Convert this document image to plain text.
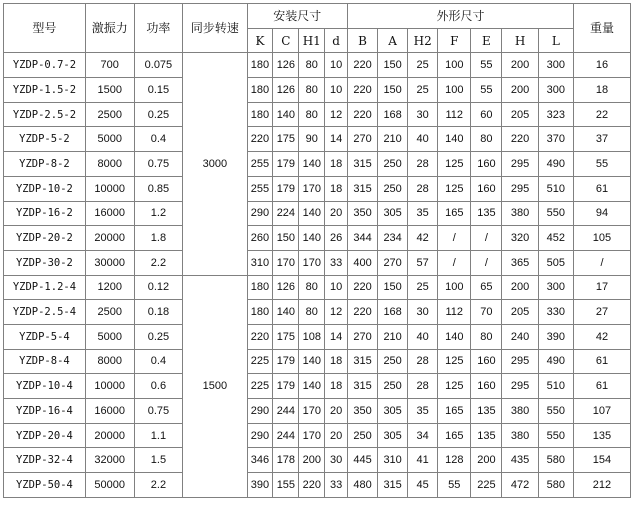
型号	激振力	功率	同步转速	安装尺寸				外形尺寸							重量
				K	C	H1	d	B	A	H2	F	E	H	L	
YZDP-0.7-2	700	0.075	3000	180	126	80	10	220	150	25	100	55	200	300	16
YZDP-1.5-2	1500	0.15		180	126	80	10	220	150	25	100	55	200	300	18
YZDP-2.5-2	2500	0.25		180	140	80	12	220	168	30	112	60	205	323	22
YZDP-5-2	5000	0.4		220	175	90	14	270	210	40	140	80	220	370	37
YZDP-8-2	8000	0.75		255	179	140	18	315	250	28	125	160	295	490	55
YZDP-10-2	10000	0.85		255	179	170	18	315	250	28	125	160	295	510	61
YZDP-16-2	16000	1.2		290	224	140	20	350	305	35	165	135	380	550	94
YZDP-20-2	20000	1.8		260	150	140	26	344	234	42	/	/	320	452	105
YZDP-30-2	30000	2.2		310	170	170	33	400	270	57	/	/	365	505	/
YZDP-1.2-4	1200	0.12	1500	180	126	80	10	220	150	25	100	65	200	300	17
YZDP-2.5-4	2500	0.18		180	140	80	12	220	168	30	112	70	205	330	27
YZDP-5-4	5000	0.25		220	175	108	14	270	210	40	140	80	240	390	42
YZDP-8-4	8000	0.4		225	179	140	18	315	250	28	125	160	295	490	61
YZDP-10-4	10000	0.6		225	179	140	18	315	250	28	125	160	295	510	61
YZDP-16-4	16000	0.75		290	244	170	20	350	305	35	165	135	380	550	107
YZDP-20-4	20000	1.1		290	244	170	20	250	305	34	165	135	380	550	135
YZDP-32-4	32000	1.5		346	178	200	30	445	310	41	128	200	435	580	154
YZDP-50-4	50000	2.2		390	155	220	33	480	315	45	55	225	472	580	212
